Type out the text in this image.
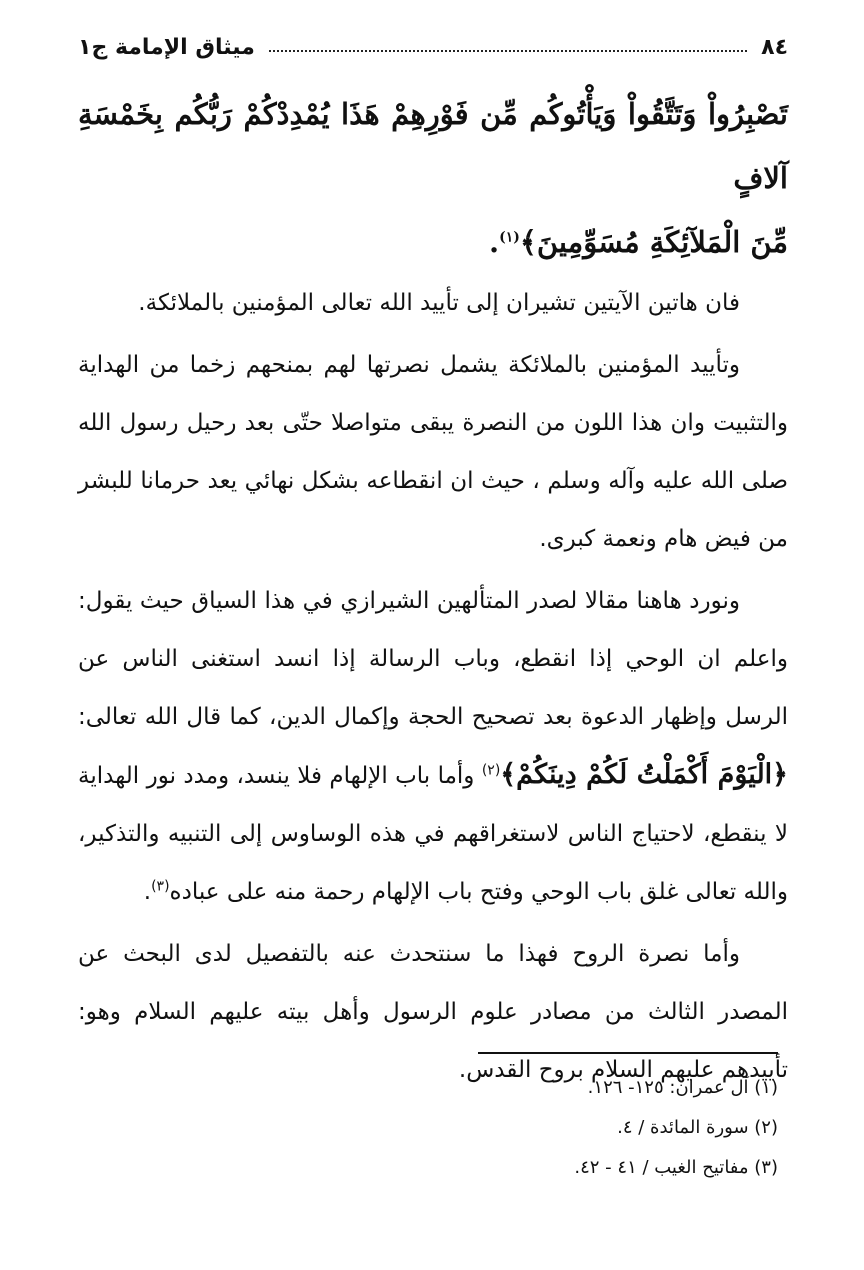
٨٤
ميثاق الإمامة ج١

تَصْبِرُواْ وَتَتَّقُواْ وَيَأْتُوكُم مِّن فَوْرِهِمْ هَذَا يُمْدِدْكُمْ رَبُّكُم بِخَمْسَةِ آلافٍ
مِّنَ الْمَلآئِكَةِ مُسَوِّمِينَ﴾$^{(١)}$.

فان هاتين الآيتين تشيران إلى تأييد الله تعالى المؤمنين بالملائكة.

وتأييد المؤمنين بالملائكة يشمل نصرتها لهم بمنحهم زخما من الهداية والتثبيت وان هذا اللون من النصرة يبقى متواصلا حتّى بعد رحيل رسول الله صلى الله عليه وآله وسلم ، حيث ان انقطاعه بشكل نهائي يعد حرمانا للبشر من فيض هام ونعمة كبرى.

ونورد هاهنا مقالا لصدر المتألهين الشيرازي في هذا السياق حيث يقول: واعلم ان الوحي إذا انقطع، وباب الرسالة إذا انسد استغنى الناس عن الرسل وإظهار الدعوة بعد تصحيح الحجة وإكمال الدين، كما قال الله تعالى: ﴿الْيَوْمَ أَكْمَلْتُ لَكُمْ دِينَكُمْ﴾$^{(٢)}$ وأما باب الإلهام فلا ينسد، ومدد نور الهداية لا ينقطع، لاحتياج الناس لاستغراقهم في هذه الوساوس إلى التنبيه والتذكير، والله تعالى غلق باب الوحي وفتح باب الإلهام رحمة منه على عباده$^{(٣)}$.

وأما نصرة الروح فهذا ما سنتحدث عنه بالتفصيل لدى البحث عن المصدر الثالث من مصادر علوم الرسول وأهل بيته عليهم السلام وهو: تأييدهم عليهم السلام بروح القدس.

(١) آل عمران: ١٢٥- ١٢٦.

(٢) سورة المائدة / ٤.

(٣) مفاتيح الغيب / ٤١ - ٤٢.
